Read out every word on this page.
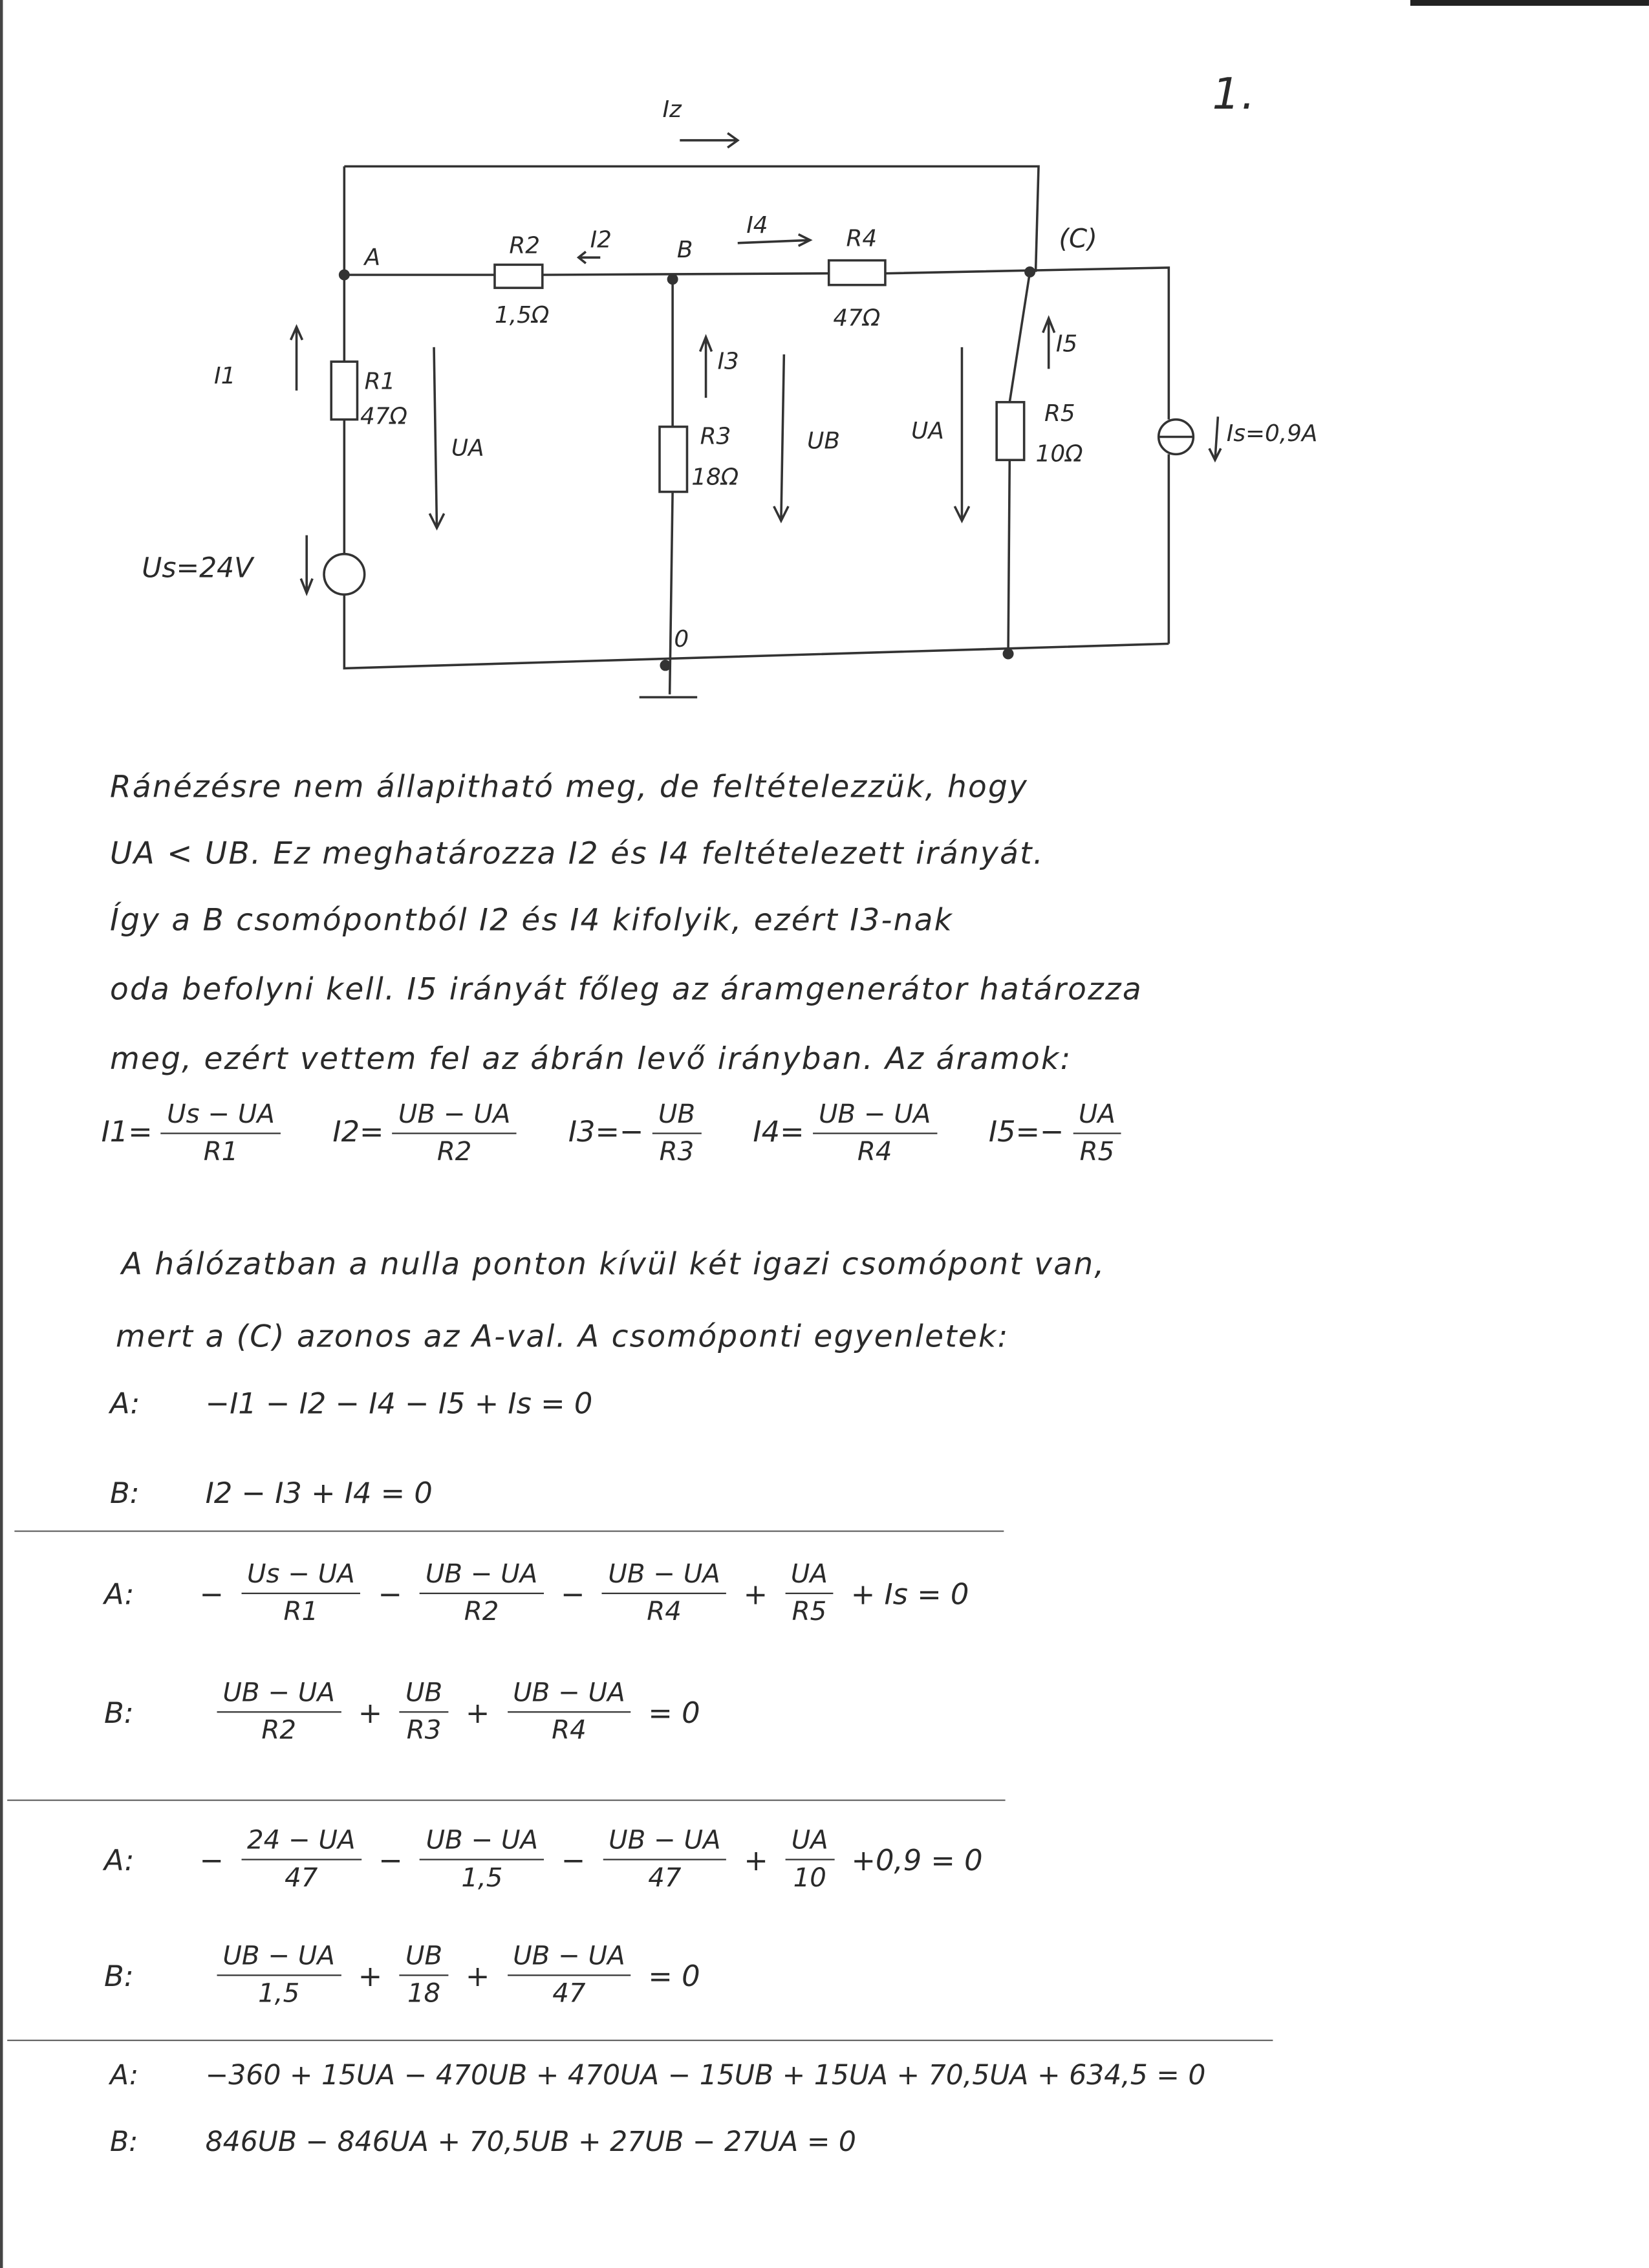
1.
Iz
A	R2	I2	B
I4	R4	(C)
1,5Ω	47Ω
I3
I1	R1
47Ω
UA	R3
18Ω
UB	UA
I5
R5
10Ω
Is=0,9A
Us=24V
0
Ránézésre nem állapitható meg, de feltételezzük, hogy
UA < UB. Ez meghatározza I2 és I4 feltételezett irányát.
Így a B csomópontból I2 és I4 kifolyik, ezért I3-nak
oda befolyni kell. I5 irányát főleg az áramgenerátor határozza
meg, ezért vettem fel az ábrán levő irányban. Az áramok:
$I1= \frac{Us - UA}{R1}$	$I2= \frac{UB - UA}{R2}$	$I3=- \frac{UB}{R3}$	$I4= \frac{UB - UA}{R4}$	$I5=- \frac{UA}{R5}$
A hálózatban a nulla ponton kívül két igazi csomópont van,
mert a (C) azonos az A-val. A csomóponti egyenletek:
A:	−I1 − I2 − I4 − I5 + Is = 0
B:	I2 − I3 + I4 = 0
A:	− $\frac{Us - UA}{R1} - \frac{UB - UA}{R2} - \frac{UB - UA}{R4} + \frac{UA}{R5} + Is = 0$
B:	$\frac{UB - UA}{R2} + \frac{UB}{R3} + \frac{UB - UA}{R4} = 0$
A:	− $\frac{24 - UA}{47} - \frac{UB - UA}{1,5} - \frac{UB - UA}{47} + \frac{UA}{10} +0,9 = 0$
B:	$\frac{UB - UA}{1,5} + \frac{UB}{18} + \frac{UB - UA}{47} = 0$
A:	−360 + 15UA − 470UB + 470UA − 15UB + 15UA + 70,5UA + 634,5 = 0
B:	846UB − 846UA + 70,5UB + 27UB − 27UA = 0
